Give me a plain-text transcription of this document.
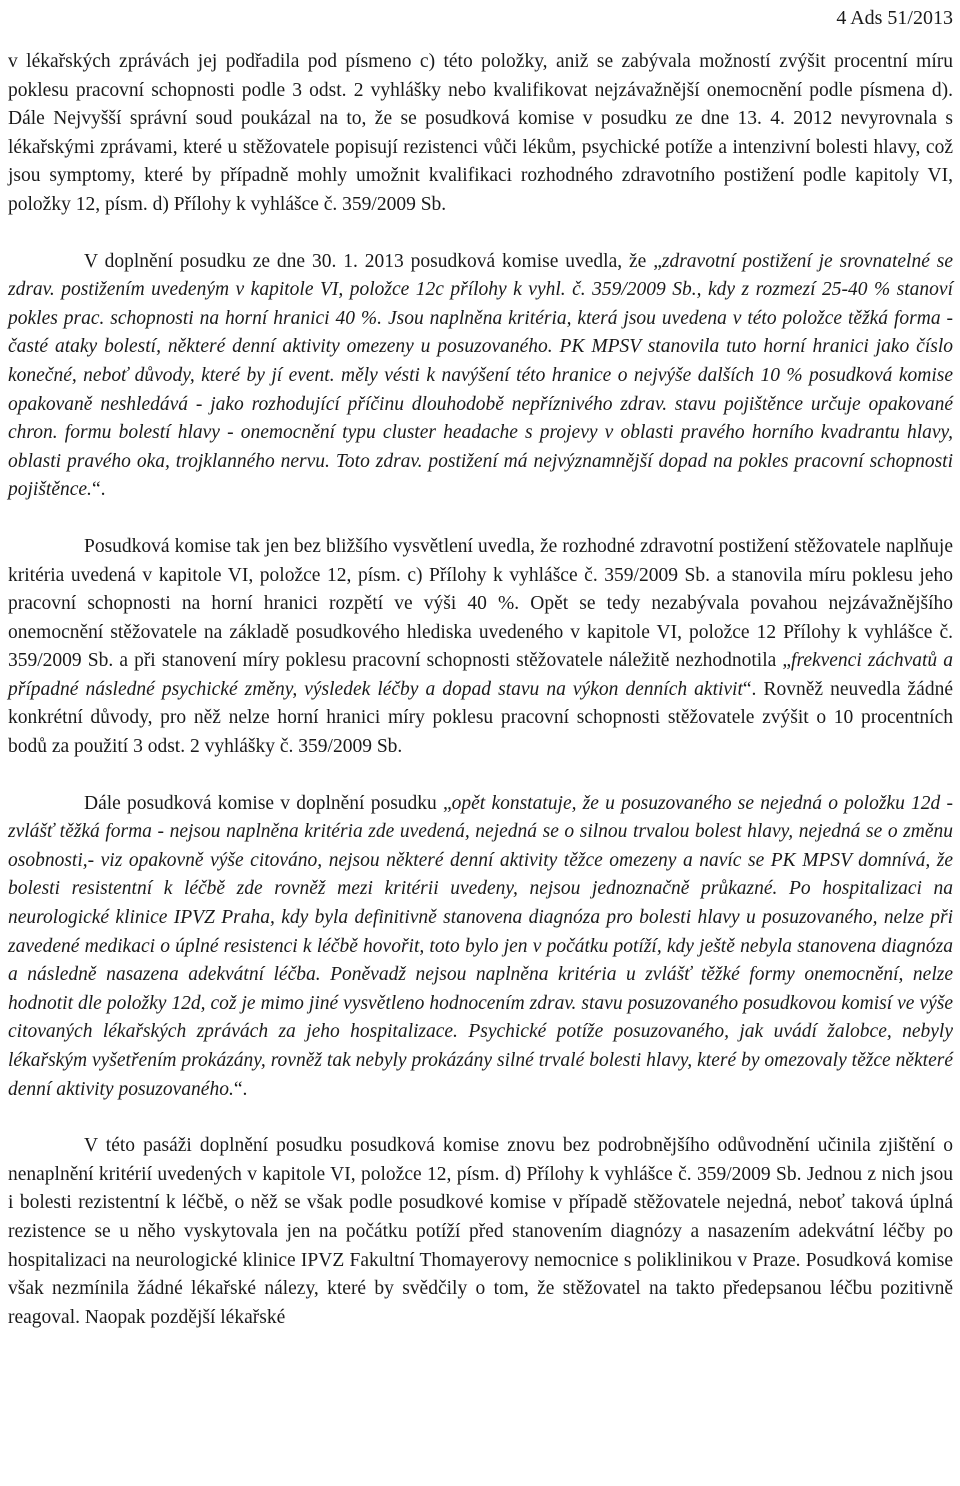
4 Ads 51/2013

v lékařských zprávách jej podřadila pod písmeno c) této položky, aniž se zabývala možností zvýšit procentní míru poklesu pracovní schopnosti podle 3 odst. 2 vyhlášky nebo kvalifikovat nejzávažnější onemocnění podle písmena d). Dále Nejvyšší správní soud poukázal na to, že se posudková komise v posudku ze dne 13. 4. 2012 nevyrovnala s lékařskými zprávami, které u stěžovatele popisují rezistenci vůči lékům, psychické potíže a intenzivní bolesti hlavy, což jsou symptomy, které by případně mohly umožnit kvalifikaci rozhodného zdravotního postižení podle kapitoly VI, položky 12, písm. d) Přílohy k vyhlášce č. 359/2009 Sb.

V doplnění posudku ze dne 30. 1. 2013 posudková komise uvedla, že „zdravotní postižení je srovnatelné se zdrav. postižením uvedeným v kapitole VI, položce 12c přílohy k vyhl. č. 359/2009 Sb., kdy z rozmezí 25-40 % stanoví pokles prac. schopnosti na horní hranici 40 %. Jsou naplněna kritéria, která jsou uvedena v této položce těžká forma - časté ataky bolestí, některé denní aktivity omezeny u posuzovaného. PK MPSV stanovila tuto horní hranici jako číslo konečné, neboť důvody, které by jí event. měly vésti k navýšení této hranice o nejvýše dalších 10 % posudková komise opakovaně neshledává - jako rozhodující příčinu dlouhodobě nepříznivého zdrav. stavu pojištěnce určuje opakované chron. formu bolestí hlavy - onemocnění typu cluster headache s projevy v oblasti pravého horního kvadrantu hlavy, oblasti pravého oka, trojklanného nervu. Toto zdrav. postižení má nejvýznamnější dopad na pokles pracovní schopnosti pojištěnce.“.

Posudková komise tak jen bez bližšího vysvětlení uvedla, že rozhodné zdravotní postižení stěžovatele naplňuje kritéria uvedená v kapitole VI, položce 12, písm. c) Přílohy k vyhlášce č. 359/2009 Sb. a stanovila míru poklesu jeho pracovní schopnosti na horní hranici rozpětí ve výši 40 %. Opět se tedy nezabývala povahou nejzávažnějšího onemocnění stěžovatele na základě posudkového hlediska uvedeného v kapitole VI, položce 12 Přílohy k vyhlášce č. 359/2009 Sb. a při stanovení míry poklesu pracovní schopnosti stěžovatele náležitě nezhodnotila „frekvenci záchvatů a případné následné psychické změny, výsledek léčby a dopad stavu na výkon denních aktivit“. Rovněž neuvedla žádné konkrétní důvody, pro něž nelze horní hranici míry poklesu pracovní schopnosti stěžovatele zvýšit o 10 procentních bodů za použití 3 odst. 2 vyhlášky č. 359/2009 Sb.

Dále posudková komise v doplnění posudku „opět konstatuje, že u posuzovaného se nejedná o položku 12d - zvlášť těžká forma - nejsou naplněna kritéria zde uvedená, nejedná se o silnou trvalou bolest hlavy, nejedná se o změnu osobnosti,- viz opakovně výše citováno, nejsou některé denní aktivity těžce omezeny a navíc se PK MPSV domnívá, že bolesti resistentní k léčbě zde rovněž mezi kritérii uvedeny, nejsou jednoznačně průkazné. Po hospitalizaci na neurologické klinice IPVZ Praha, kdy byla definitivně stanovena diagnóza pro bolesti hlavy u posuzovaného, nelze při zavedené medikaci o úplné resistenci k léčbě hovořit, toto bylo jen v počátku potíží, kdy ještě nebyla stanovena diagnóza a následně nasazena adekvátní léčba. Poněvadž nejsou naplněna kritéria u zvlášť těžké formy onemocnění, nelze hodnotit dle položky 12d, což je mimo jiné vysvětleno hodnocením zdrav. stavu posuzovaného posudkovou komisí ve výše citovaných lékařských zprávách za jeho hospitalizace. Psychické potíže posuzovaného, jak uvádí žalobce, nebyly lékařským vyšetřením prokázány, rovněž tak nebyly prokázány silné trvalé bolesti hlavy, které by omezovaly těžce některé denní aktivity posuzovaného.“.

V této pasáži doplnění posudku posudková komise znovu bez podrobnějšího odůvodnění učinila zjištění o nenaplnění kritérií uvedených v kapitole VI, položce 12, písm. d) Přílohy k vyhlášce č. 359/2009 Sb. Jednou z nich jsou i bolesti rezistentní k léčbě, o něž se však podle posudkové komise v případě stěžovatele nejedná, neboť taková úplná rezistence se u něho vyskytovala jen na počátku potíží před stanovením diagnózy a nasazením adekvátní léčby po hospitalizaci na neurologické klinice IPVZ Fakultní Thomayerovy nemocnice s poliklinikou v Praze. Posudková komise však nezmínila žádné lékařské nálezy, které by svědčily o tom, že stěžovatel na takto předepsanou léčbu pozitivně reagoval. Naopak pozdější lékařské
